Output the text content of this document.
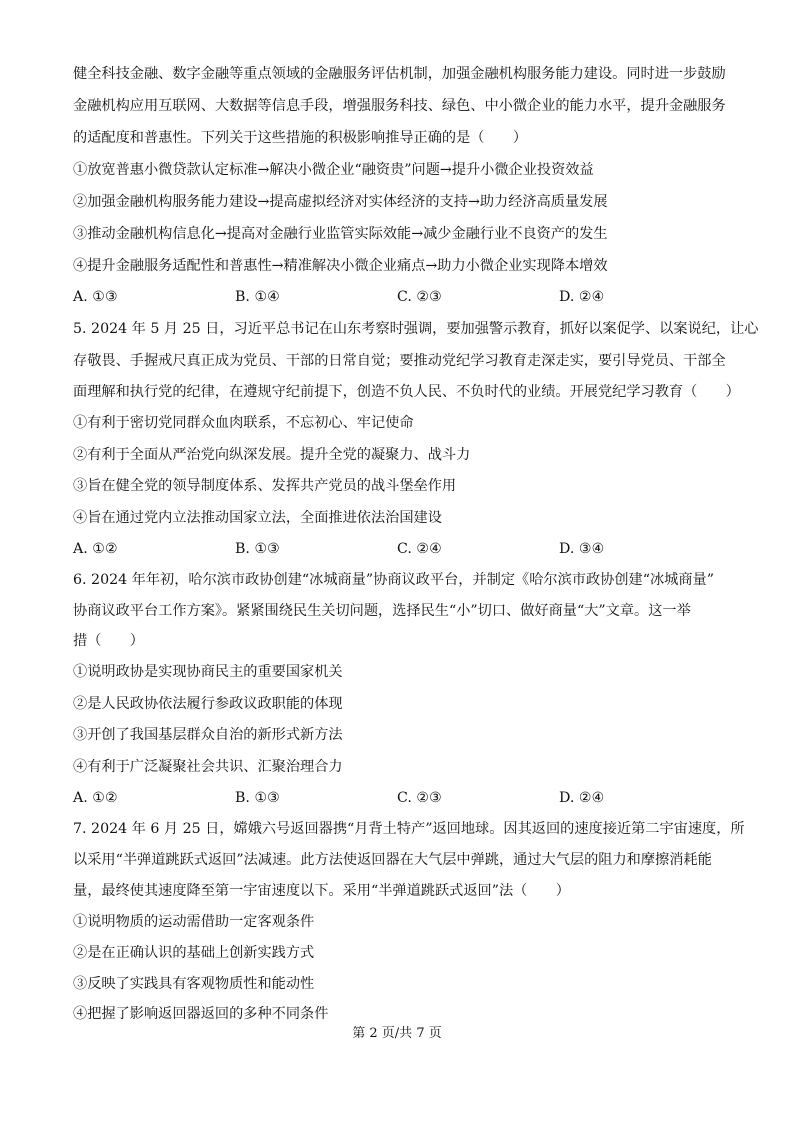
健全科技金融、数字金融等重点领域的金融服务评估机制，加强金融机构服务能力建设。同时进一步鼓励
金融机构应用互联网、大数据等信息手段，增强服务科技、绿色、中小微企业的能力水平，提升金融服务
的适配度和普惠性。下列关于这些措施的积极影响推导正确的是（　　）
①放宽普惠小微贷款认定标准→解决小微企业“融资贵”问题→提升小微企业投资效益
②加强金融机构服务能力建设→提高虚拟经济对实体经济的支持→助力经济高质量发展
③推动金融机构信息化→提高对金融行业监管实际效能→减少金融行业不良资产的发生
④提升金融服务适配性和普惠性→精准解决小微企业痛点→助力小微企业实现降本增效
A. ①③	B. ①④	C. ②③	D. ②④
5. 2024 年 5 月 25 日，习近平总书记在山东考察时强调，要加强警示教育，抓好以案促学、以案说纪，让心
存敬畏、手握戒尺真正成为党员、干部的日常自觉；要推动党纪学习教育走深走实，要引导党员、干部全
面理解和执行党的纪律，在遵规守纪前提下，创造不负人民、不负时代的业绩。开展党纪学习教育（　　）
①有利于密切党同群众血肉联系，不忘初心、牢记使命
②有利于全面从严治党向纵深发展。提升全党的凝聚力、战斗力
③旨在健全党的领导制度体系、发挥共产党员的战斗堡垒作用
④旨在通过党内立法推动国家立法，全面推进依法治国建设
A. ①②	B. ①③	C. ②④	D. ③④
6. 2024 年年初，哈尔滨市政协创建“冰城商量”协商议政平台，并制定《哈尔滨市政协创建“冰城商量”
协商议政平台工作方案》。紧紧围绕民生关切问题，选择民生“小”切口、做好商量“大”文章。这一举
措（　　）
①说明政协是实现协商民主的重要国家机关
②是人民政协依法履行参政议政职能的体现
③开创了我国基层群众自治的新形式新方法
④有利于广泛凝聚社会共识、汇聚治理合力
A. ①②	B. ①③	C. ②③	D. ②④
7. 2024 年 6 月 25 日，嫦娥六号返回器携“月背土特产”返回地球。因其返回的速度接近第二宇宙速度，所
以采用“半弹道跳跃式返回”法减速。此方法使返回器在大气层中弹跳，通过大气层的阻力和摩擦消耗能
量，最终使其速度降至第一宇宙速度以下。采用“半弹道跳跃式返回”法（　　）
①说明物质的运动需借助一定客观条件
②是在正确认识的基础上创新实践方式
③反映了实践具有客观物质性和能动性
④把握了影响返回器返回的多种不同条件
第 2 页/共 7 页
